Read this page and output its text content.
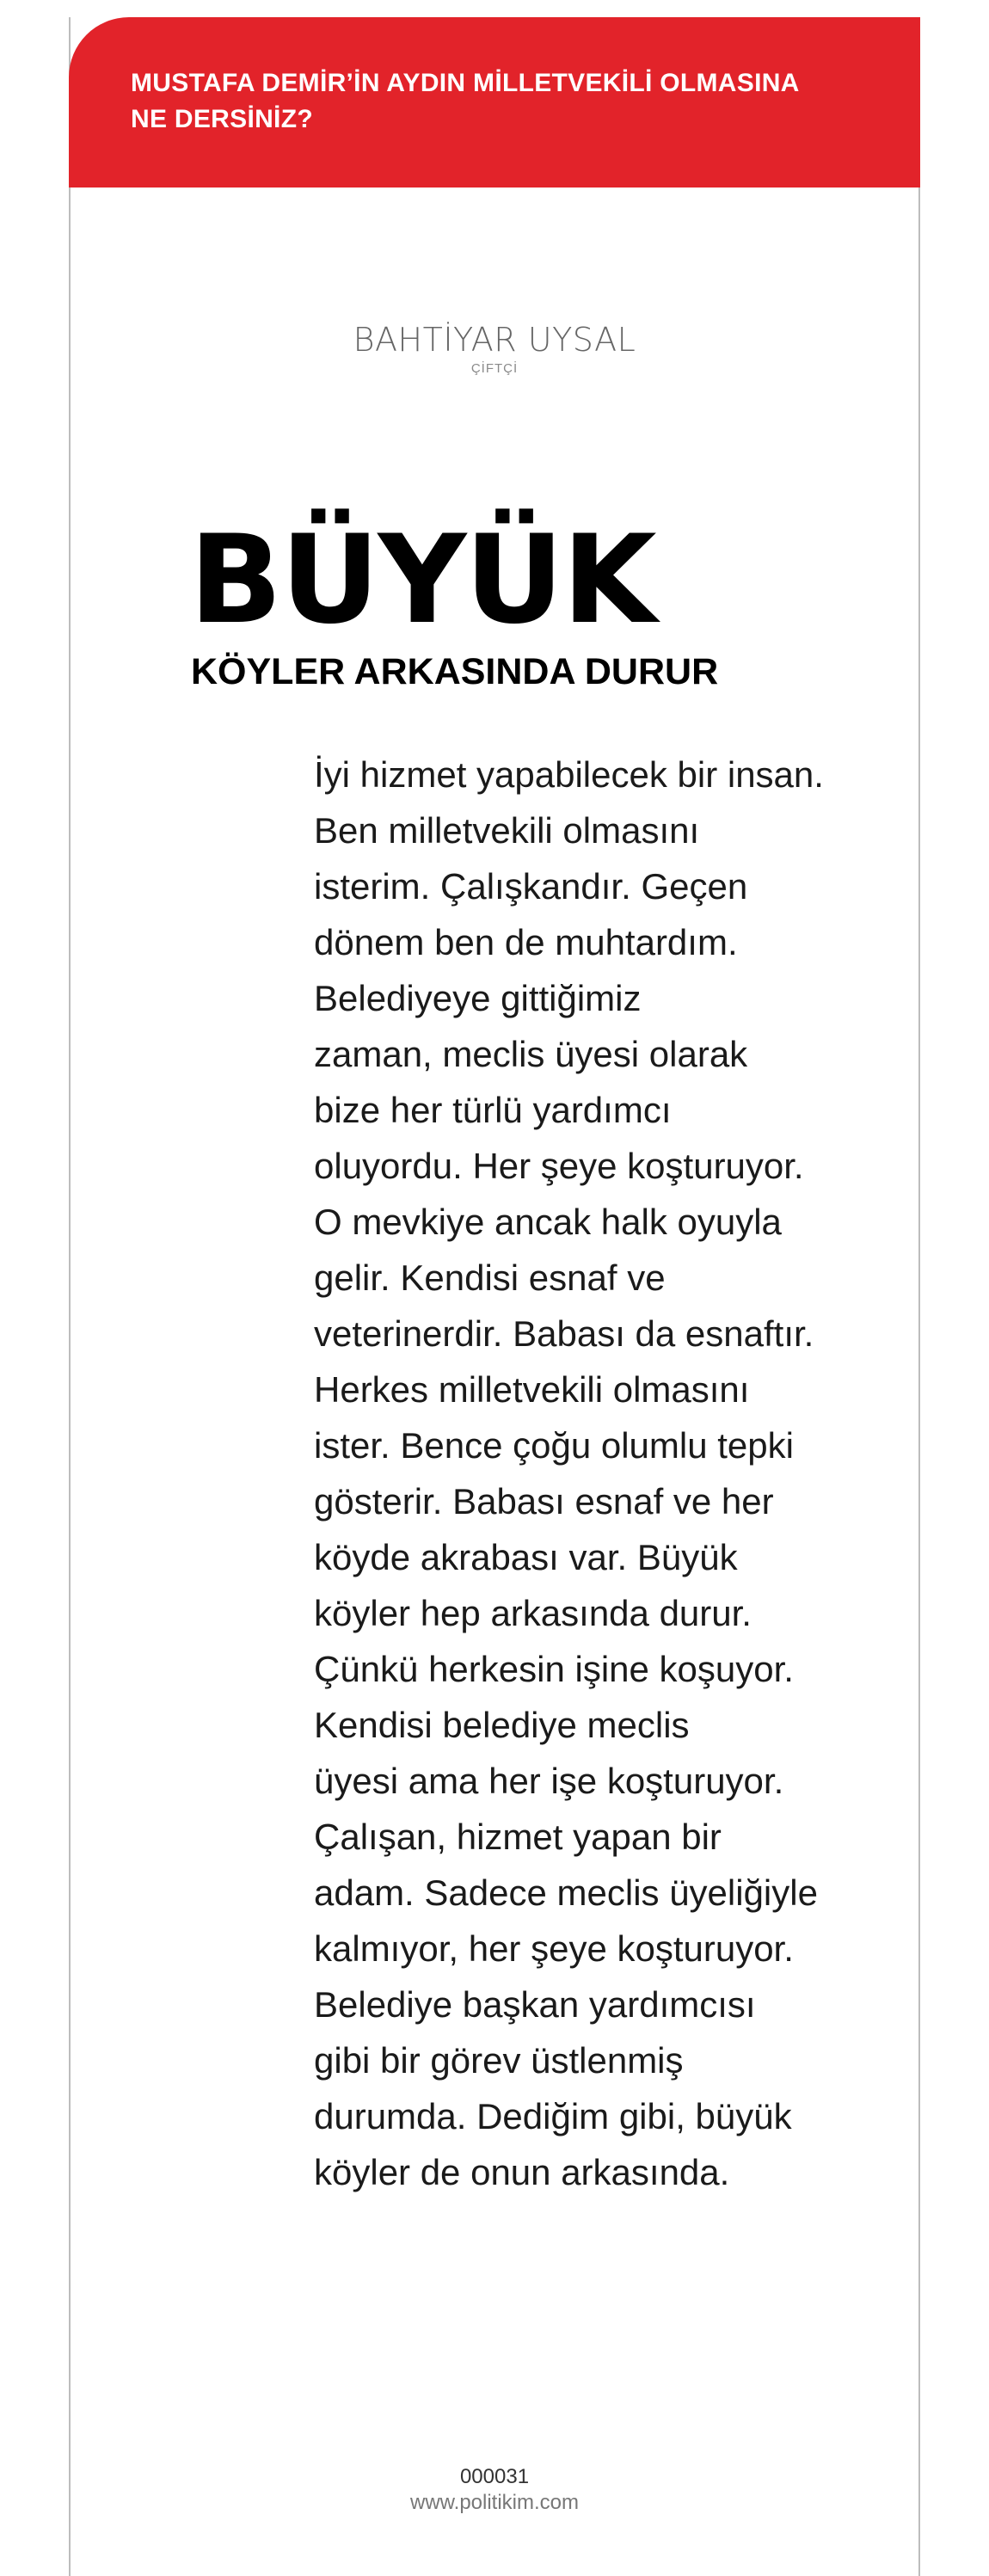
MUSTAFA DEMİR’İN AYDIN MİLLETVEKİLİ OLMASINA
NE DERSİNİZ?
BAHTİYAR UYSAL
ÇİFTÇİ
BÜYÜK
KÖYLER ARKASINDA DURUR
İyi hizmet yapabilecek bir insan.
Ben milletvekili olmasını
isterim. Çalışkandır. Geçen
dönem ben de muhtardım.
Belediyeye gittiğimiz
zaman, meclis üyesi olarak
bize her türlü yardımcı
oluyordu. Her şeye koşturuyor.
O mevkiye ancak halk oyuyla
gelir. Kendisi esnaf ve
veterinerdir. Babası da esnaftır.
Herkes milletvekili olmasını
ister. Bence çoğu olumlu tepki
gösterir. Babası esnaf ve her
köyde akrabası var. Büyük
köyler hep arkasında durur.
Çünkü herkesin işine koşuyor.
Kendisi belediye meclis
üyesi ama her işe koşturuyor.
Çalışan, hizmet yapan bir
adam. Sadece meclis üyeliğiyle
kalmıyor, her şeye koşturuyor.
Belediye başkan yardımcısı
gibi bir görev üstlenmiş
durumda. Dediğim gibi, büyük
köyler de onun arkasında.
000031
www.politikim.com
